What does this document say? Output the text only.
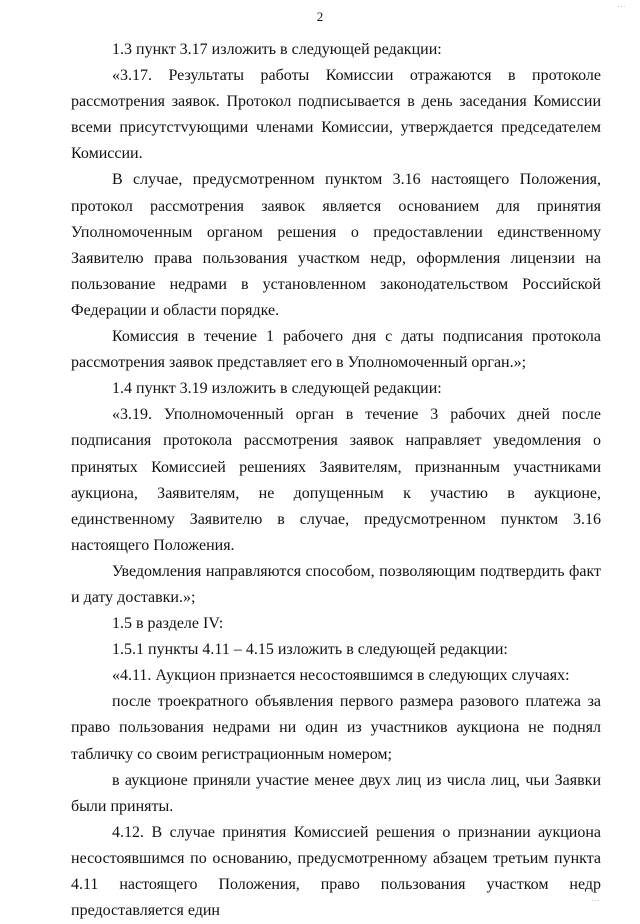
...
2

1.3 пункт 3.17 изложить в следующей редакции:

«3.17. Результаты работы Комиссии отражаются в протоколе рассмотрения заявок. Протокол подписывается в день заседания Комиссии всеми присутстvующими членами Комиссии, утверждается председателем Комиссии.

В случае, предусмотренном пунктом 3.16 настоящего Положения, протокол рассмотрения заявок является основанием для принятия Уполномоченным органом решения о предоставлении единственному Заявителю права пользования участком недр, оформления лицензии на пользование недрами в установленном законодательством Российской Федерации и области порядке.

Комиссия в течение 1 рабочего дня с даты подписания протокола рассмотрения заявок представляет его в Уполномоченный орган.»;

1.4 пункт 3.19 изложить в следующей редакции:

«3.19. Уполномоченный орган в течение 3 рабочих дней после подписания протокола рассмотрения заявок направляет уведомления о принятых Комиссией решениях Заявителям, признанным участниками аукциона, Заявителям, не допущенным к участию в аукционе, единственному Заявителю в случае, предусмотренном пунктом 3.16 настоящего Положения.

Уведомления направляются способом, позволяющим подтвердить факт и дату доставки.»;

1.5 в разделе IV:

1.5.1 пункты 4.11 – 4.15 изложить в следующей редакции:

«4.11. Аукцион признается несостоявшимся в следующих случаях:

после троекратного объявления первого размера разового платежа за право пользования недрами ни один из участников аукциона не поднял табличку со своим регистрационным номером;

в аукционе приняли участие менее двух лиц из числа лиц, чьи Заявки были приняты.

4.12. В случае принятия Комиссией решения о признании аукциона несостоявшимся по основанию, предусмотренному абзацем третьим пункта 4.11 настоящего Положения, право пользования участком недр предоставляется един

...
